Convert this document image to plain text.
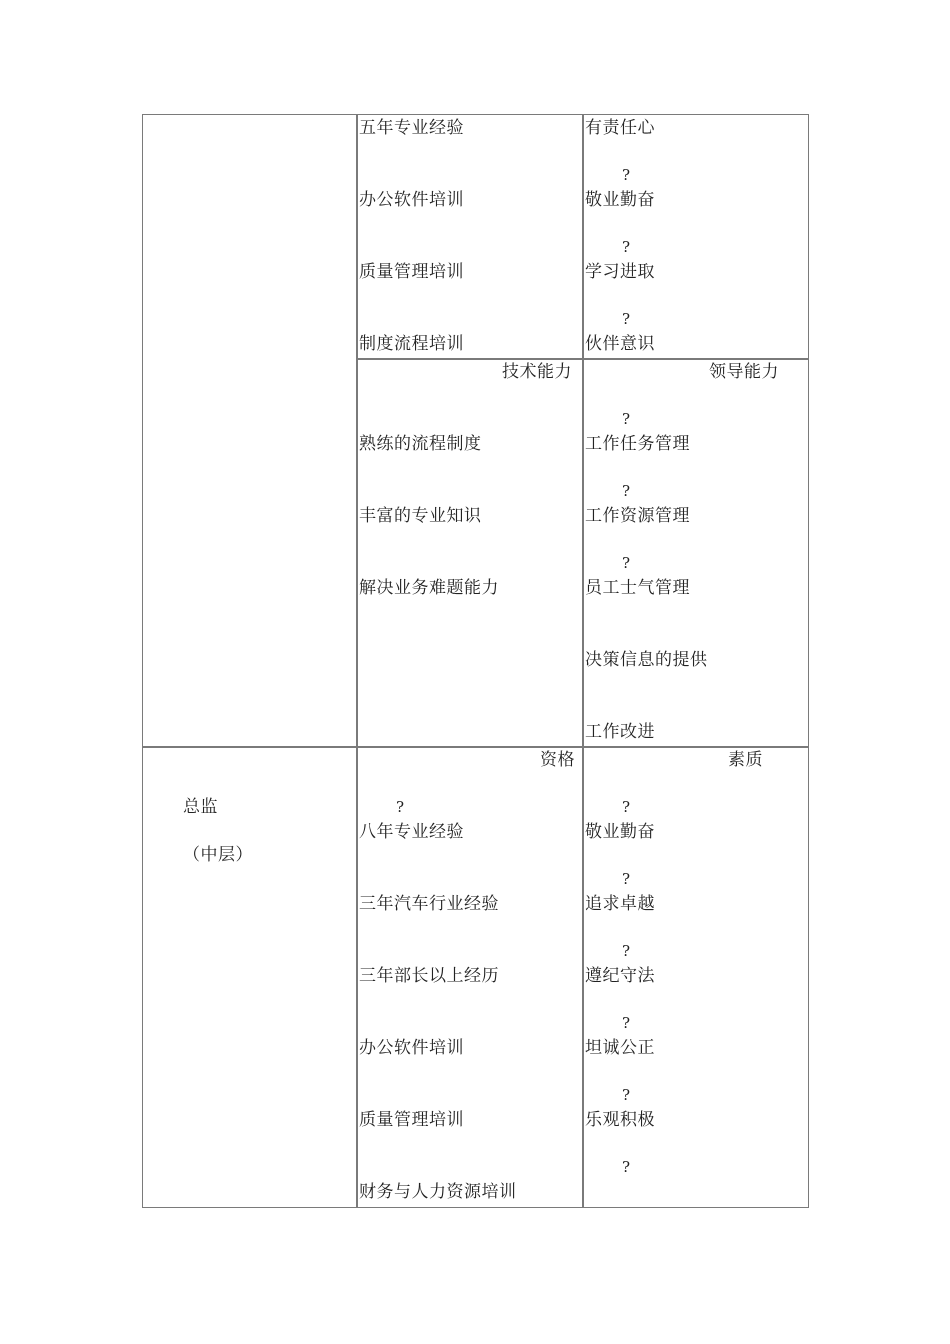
五年专业经验
办公软件培训
质量管理培训
制度流程培训
有责任心
?
敬业勤奋
?
学习进取
?
伙伴意识
技术能力
熟练的流程制度
丰富的专业知识
解决业务难题能力
领导能力
?
工作任务管理
?
工作资源管理
?
员工士气管理
决策信息的提供
工作改进
总监
（中层）
资格
?
八年专业经验
三年汽车行业经验
三年部长以上经历
办公软件培训
质量管理培训
财务与人力资源培训
素质
?
敬业勤奋
?
追求卓越
?
遵纪守法
?
坦诚公正
?
乐观积极
?
